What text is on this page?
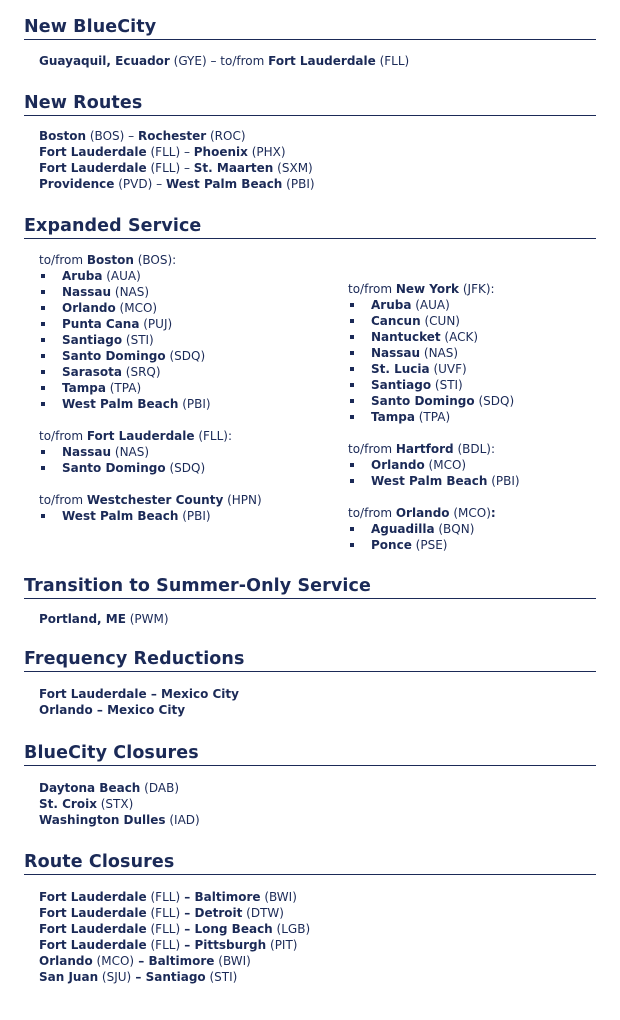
New BlueCity
Guayaquil, Ecuador (GYE) – to/from Fort Lauderdale (FLL)
New Routes
Boston (BOS) – Rochester (ROC)
Fort Lauderdale (FLL) – Phoenix (PHX)
Fort Lauderdale (FLL) – St. Maarten (SXM)
Providence (PVD) – West Palm Beach (PBI)
Expanded Service
to/from Boston (BOS):
Aruba (AUA)
Nassau (NAS)
Orlando (MCO)
Punta Cana (PUJ)
Santiago (STI)
Santo Domingo (SDQ)
Sarasota (SRQ)
Tampa (TPA)
West Palm Beach (PBI)
to/from Fort Lauderdale (FLL):
Nassau (NAS)
Santo Domingo (SDQ)
to/from Westchester County (HPN)
West Palm Beach (PBI)
to/from New York (JFK):
Aruba (AUA)
Cancun (CUN)
Nantucket (ACK)
Nassau (NAS)
St. Lucia (UVF)
Santiago (STI)
Santo Domingo (SDQ)
Tampa (TPA)
to/from Hartford (BDL):
Orlando (MCO)
West Palm Beach (PBI)
to/from Orlando (MCO):
Aguadilla (BQN)
Ponce (PSE)
Transition to Summer-Only Service
Portland, ME (PWM)
Frequency Reductions
Fort Lauderdale – Mexico City
Orlando – Mexico City
BlueCity Closures
Daytona Beach (DAB)
St. Croix (STX)
Washington Dulles (IAD)
Route Closures
Fort Lauderdale (FLL) – Baltimore (BWI)
Fort Lauderdale (FLL) – Detroit (DTW)
Fort Lauderdale (FLL) – Long Beach (LGB)
Fort Lauderdale (FLL) – Pittsburgh (PIT)
Orlando (MCO) – Baltimore (BWI)
San Juan (SJU) – Santiago (STI)
